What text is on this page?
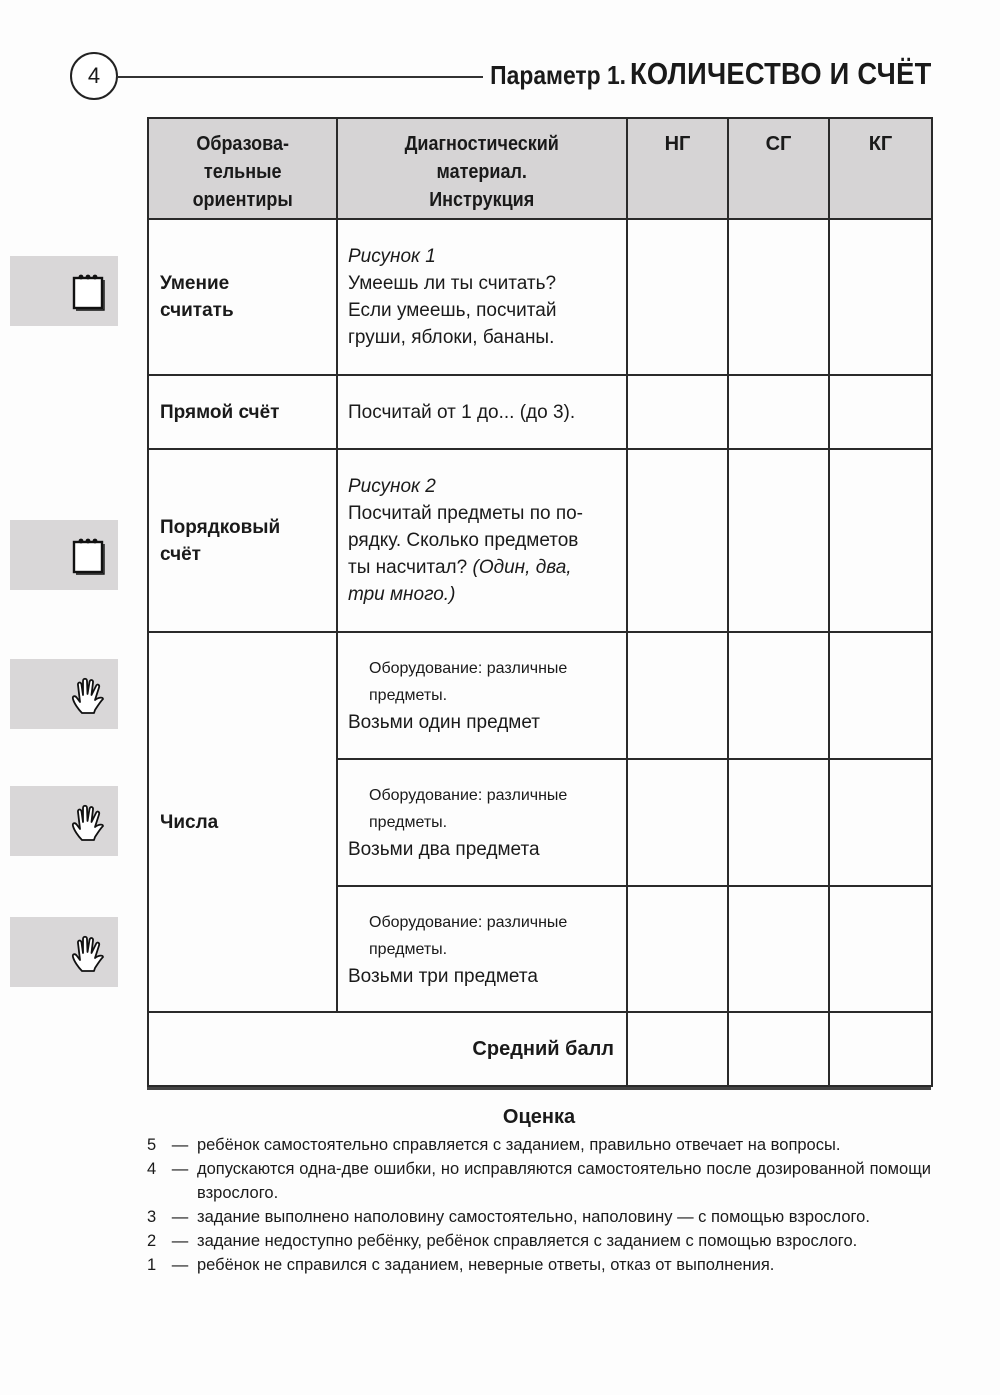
4	Параметр 1. КОЛИЧЕСТВО И СЧЁТ
Образова-
тельные
ориентиры	Диагностический
материал.
Инструкция	НГ	СГ	КГ
Умение
считать	Рисунок 1
Умеешь ли ты считать?
Если умеешь, посчитай
груши, яблоки, бананы.			
Прямой счёт	Посчитай от 1 до... (до 3).			
Порядковый
счёт	Рисунок 2
Посчитай предметы по по-
рядку. Сколько предметов
ты насчитал? (Один, два,
три много.)			
Числа	Оборудование: различные
предметы.
Возьми один предмет			

	Оборудование: различные
предметы.
Возьми два предмета			

	Оборудование: различные
предметы.
Возьми три предмета			
Средний балл				
Оценка
5 — ребёнок самостоятельно справляется с заданием, правильно отвечает на вопросы.
4 — допускаются одна-две ошибки, но исправляются самостоятельно после дозированной помощи взрослого.
3 — задание выполнено наполовину самостоятельно, наполовину — с помощью взрослого.
2 — задание недоступно ребёнку, ребёнок справляется с заданием с помощью взрослого.
1 — ребёнок не справился с заданием, неверные ответы, отказ от выполнения.
